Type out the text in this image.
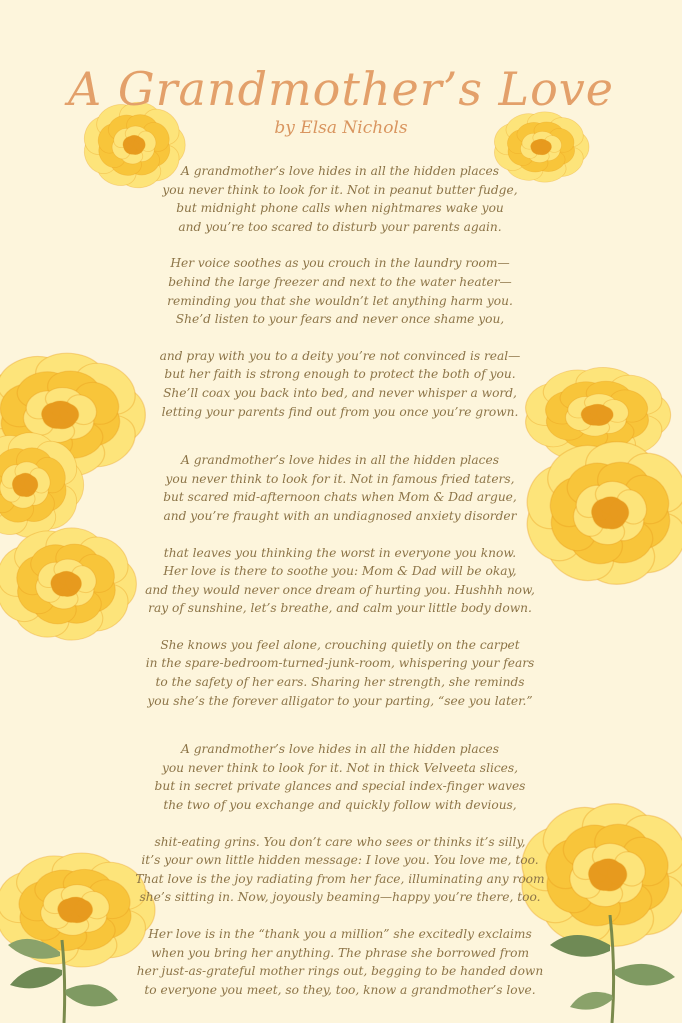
A Grandmother’s Love
by Elsa Nichols
A grandmother’s love hides in all the hidden places
you never think to look for it. Not in peanut butter fudge,
but midnight phone calls when nightmares wake you
and you’re too scared to disturb your parents again.
Her voice soothes as you crouch in the laundry room—
behind the large freezer and next to the water heater—
reminding you that she wouldn’t let anything harm you.
She’d listen to your fears and never once shame you,
and pray with you to a deity you’re not convinced is real—
but her faith is strong enough to protect the both of you.
She’ll coax you back into bed, and never whisper a word,
letting your parents find out from you once you’re grown.
A grandmother’s love hides in all the hidden places
you never think to look for it. Not in famous fried taters,
but scared mid-afternoon chats when Mom & Dad argue,
and you’re fraught with an undiagnosed anxiety disorder
that leaves you thinking the worst in everyone you know.
Her love is there to soothe you: Mom & Dad will be okay,
and they would never once dream of hurting you. Hushhh now,
ray of sunshine, let’s breathe, and calm your little body down.
She knows you feel alone, crouching quietly on the carpet
in the spare-bedroom-turned-junk-room, whispering your fears
to the safety of her ears. Sharing her strength, she reminds
you she’s the forever alligator to your parting, “see you later.”
A grandmother’s love hides in all the hidden places
you never think to look for it. Not in thick Velveeta slices,
but in secret private glances and special index-finger waves
the two of you exchange and quickly follow with devious,
shit-eating grins. You don’t care who sees or thinks it’s silly,
it’s your own little hidden message: I love you. You love me, too.
That love is the joy radiating from her face, illuminating any room
she’s sitting in. Now, joyously beaming—happy you’re there, too.
Her love is in the “thank you a million” she excitedly exclaims
when you bring her anything. The phrase she borrowed from
her just-as-grateful mother rings out, begging to be handed down
to everyone you meet, so they, too, know a grandmother’s love.
